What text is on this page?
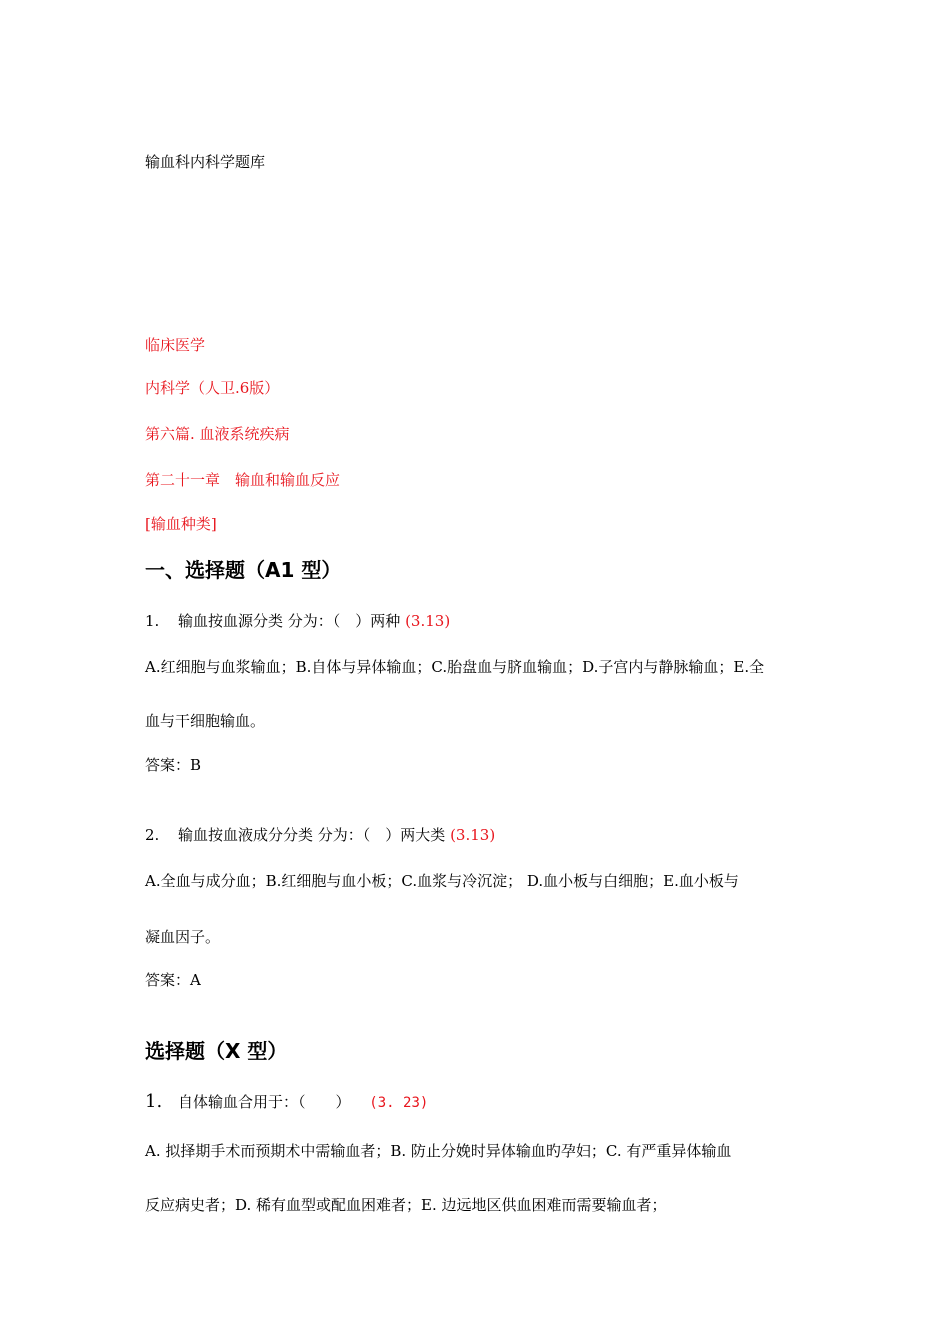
输血科内科学题库
临床医学
内科学（人卫.6版）
第六篇. 血液系统疾病
第二十一章　输血和输血反应
[输血种类]
一、选择题（A1 型）
1. 输血按血源分类 分为：（　）两种 (3.13)
A.红细胞与血浆输血；B.自体与异体输血；C.胎盘血与脐血输血；D.子宫内与静脉输血；E.全
血与干细胞输血。
答案：B
2. 输血按血液成分分类 分为：（　）两大类 (3.13)
A.全血与成分血；B.红细胞与血小板；C.血浆与冷沉淀； D.血小板与白细胞；E.血小板与
凝血因子。
答案：A
选择题（X 型）
1. 自体输血合用于：（　　） (3. 23)
A. 拟择期手术而预期术中需输血者；B. 防止分娩时异体输血旳孕妇；C. 有严重异体输血
反应病史者；D. 稀有血型或配血困难者；E. 边远地区供血困难而需要输血者；
